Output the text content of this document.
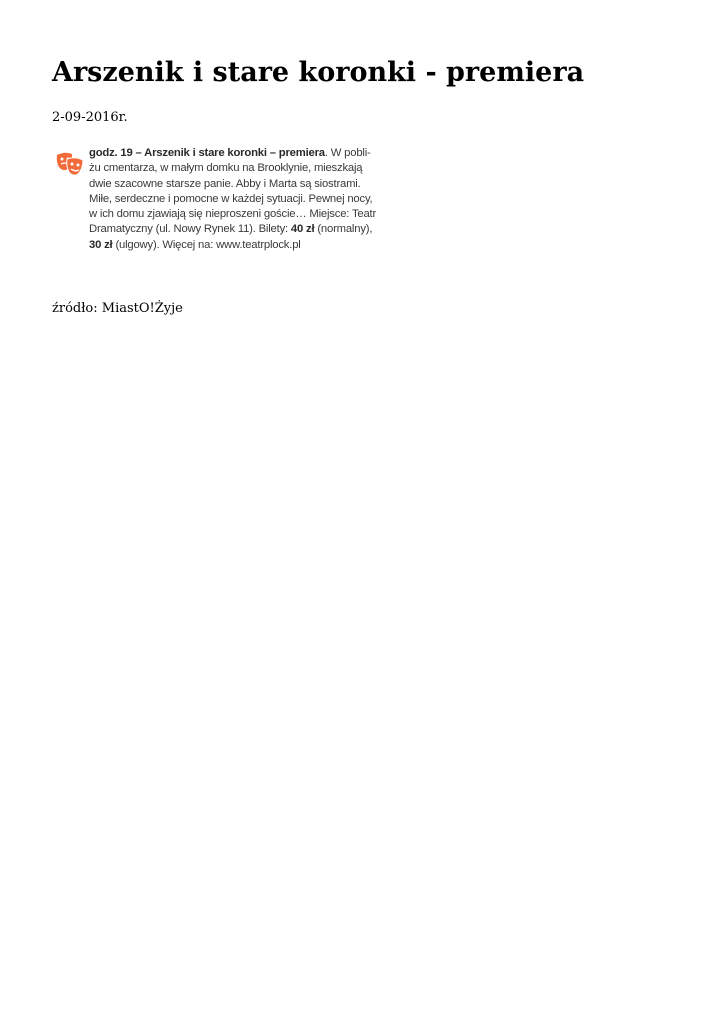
Arszenik i stare koronki - premiera
2-09-2016r.
godz. 19 – Arszenik i stare koronki – premiera. W pobli-
żu cmentarza, w małym domku na Brooklynie, mieszkają
dwie szacowne starsze panie. Abby i Marta są siostrami.
Miłe, serdeczne i pomocne w każdej sytuacji. Pewnej nocy,
w ich domu zjawiają się nieproszeni goście… Miejsce: Teatr
Dramatyczny (ul. Nowy Rynek 11). Bilety: 40 zł (normalny),
30 zł (ulgowy). Więcej na: www.teatrplock.pl
źródło: MiastO!Żyje
